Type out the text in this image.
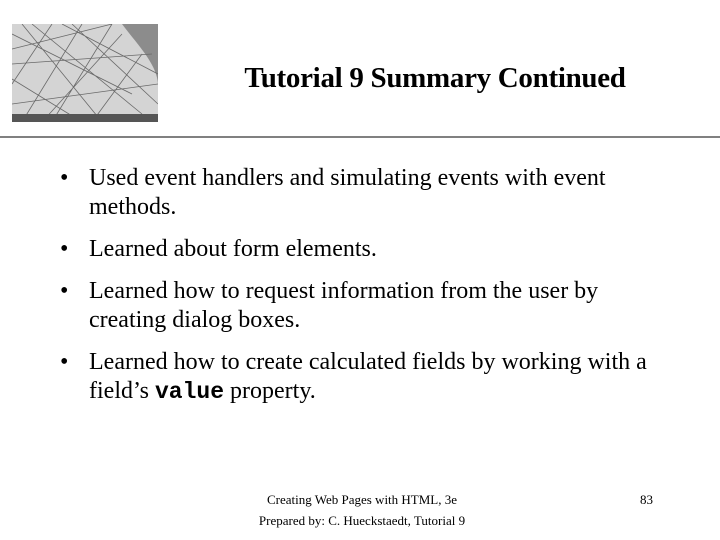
Tutorial 9 Summary Continued
• Used event handlers and simulating events with event methods.
• Learned about form elements.
• Learned how to request information from the user by creating dialog boxes.
• Learned how to create calculated fields by working with a field’s value property.
Creating Web Pages with HTML, 3e
Prepared by: C. Hueckstaedt, Tutorial 9
83
